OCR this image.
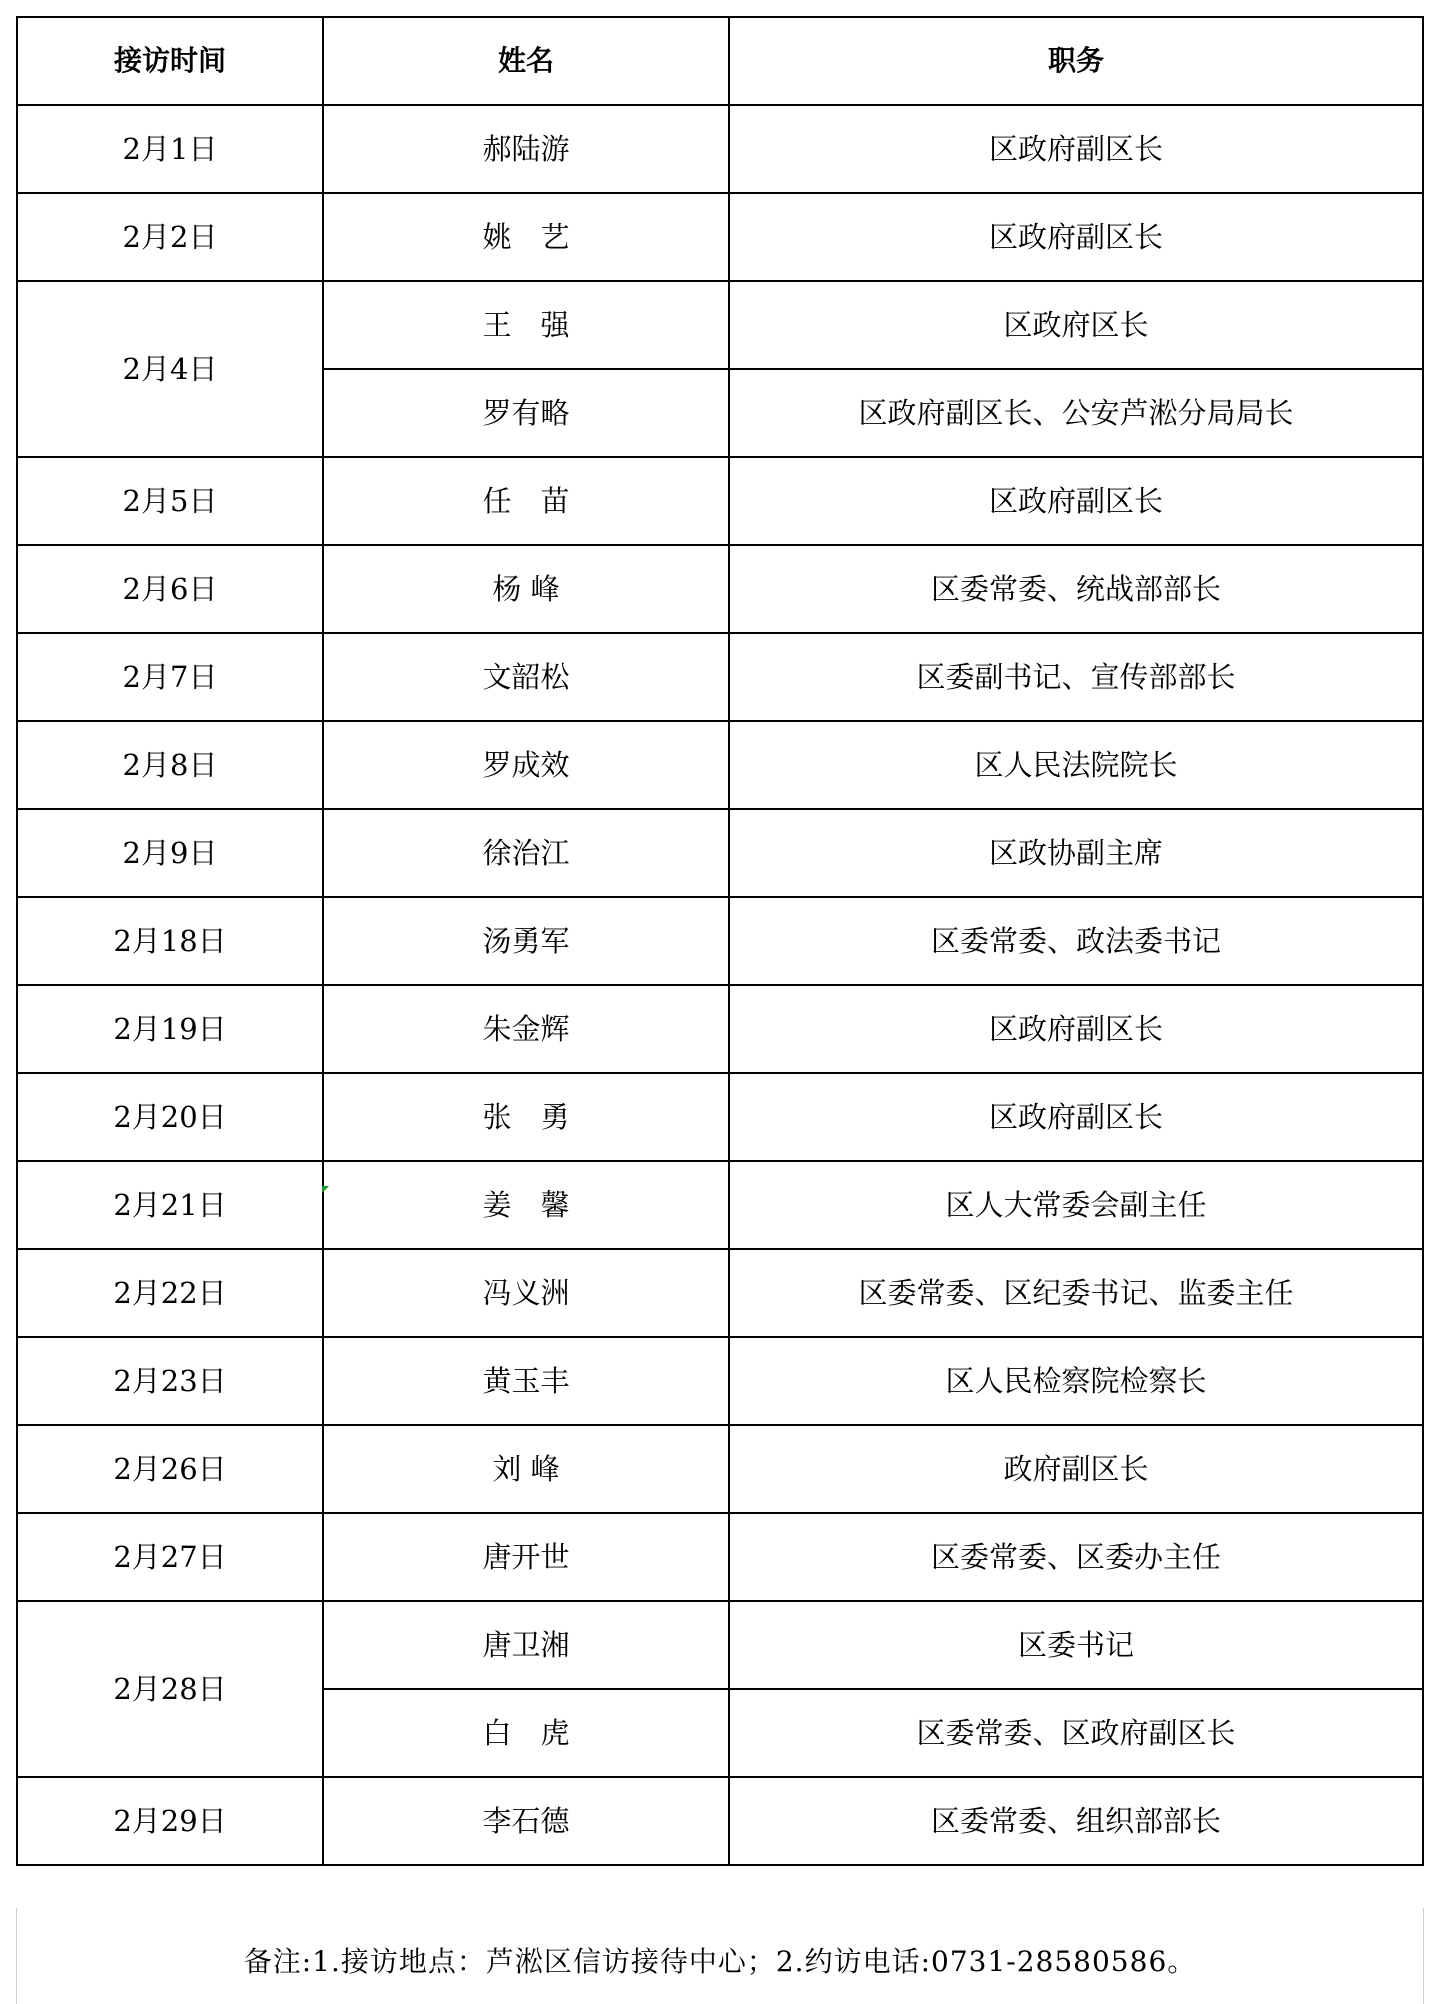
接访时间	姓名	职务
2月1日	郝陆游	区政府副区长
2月2日	姚　艺	区政府副区长
2月4日	王　强	区政府区长
	罗有略	区政府副区长、公安芦淞分局局长
2月5日	任　苗	区政府副区长
2月6日	杨 峰	区委常委、统战部部长
2月7日	文韶松	区委副书记、宣传部部长
2月8日	罗成效	区人民法院院长
2月9日	徐治江	区政协副主席
2月18日	汤勇军	区委常委、政法委书记
2月19日	朱金辉	区政府副区长
2月20日	张　勇	区政府副区长
2月21日	姜　馨	区人大常委会副主任
2月22日	冯义洲	区委常委、区纪委书记、监委主任
2月23日	黄玉丰	区人民检察院检察长
2月26日	刘 峰	政府副区长
2月27日	唐开世	区委常委、区委办主任
2月28日	唐卫湘	区委书记
	白　虎	区委常委、区政府副区长
2月29日	李石德	区委常委、组织部部长
备注:1.接访地点：芦淞区信访接待中心；2.约访电话:0731-28580586。
